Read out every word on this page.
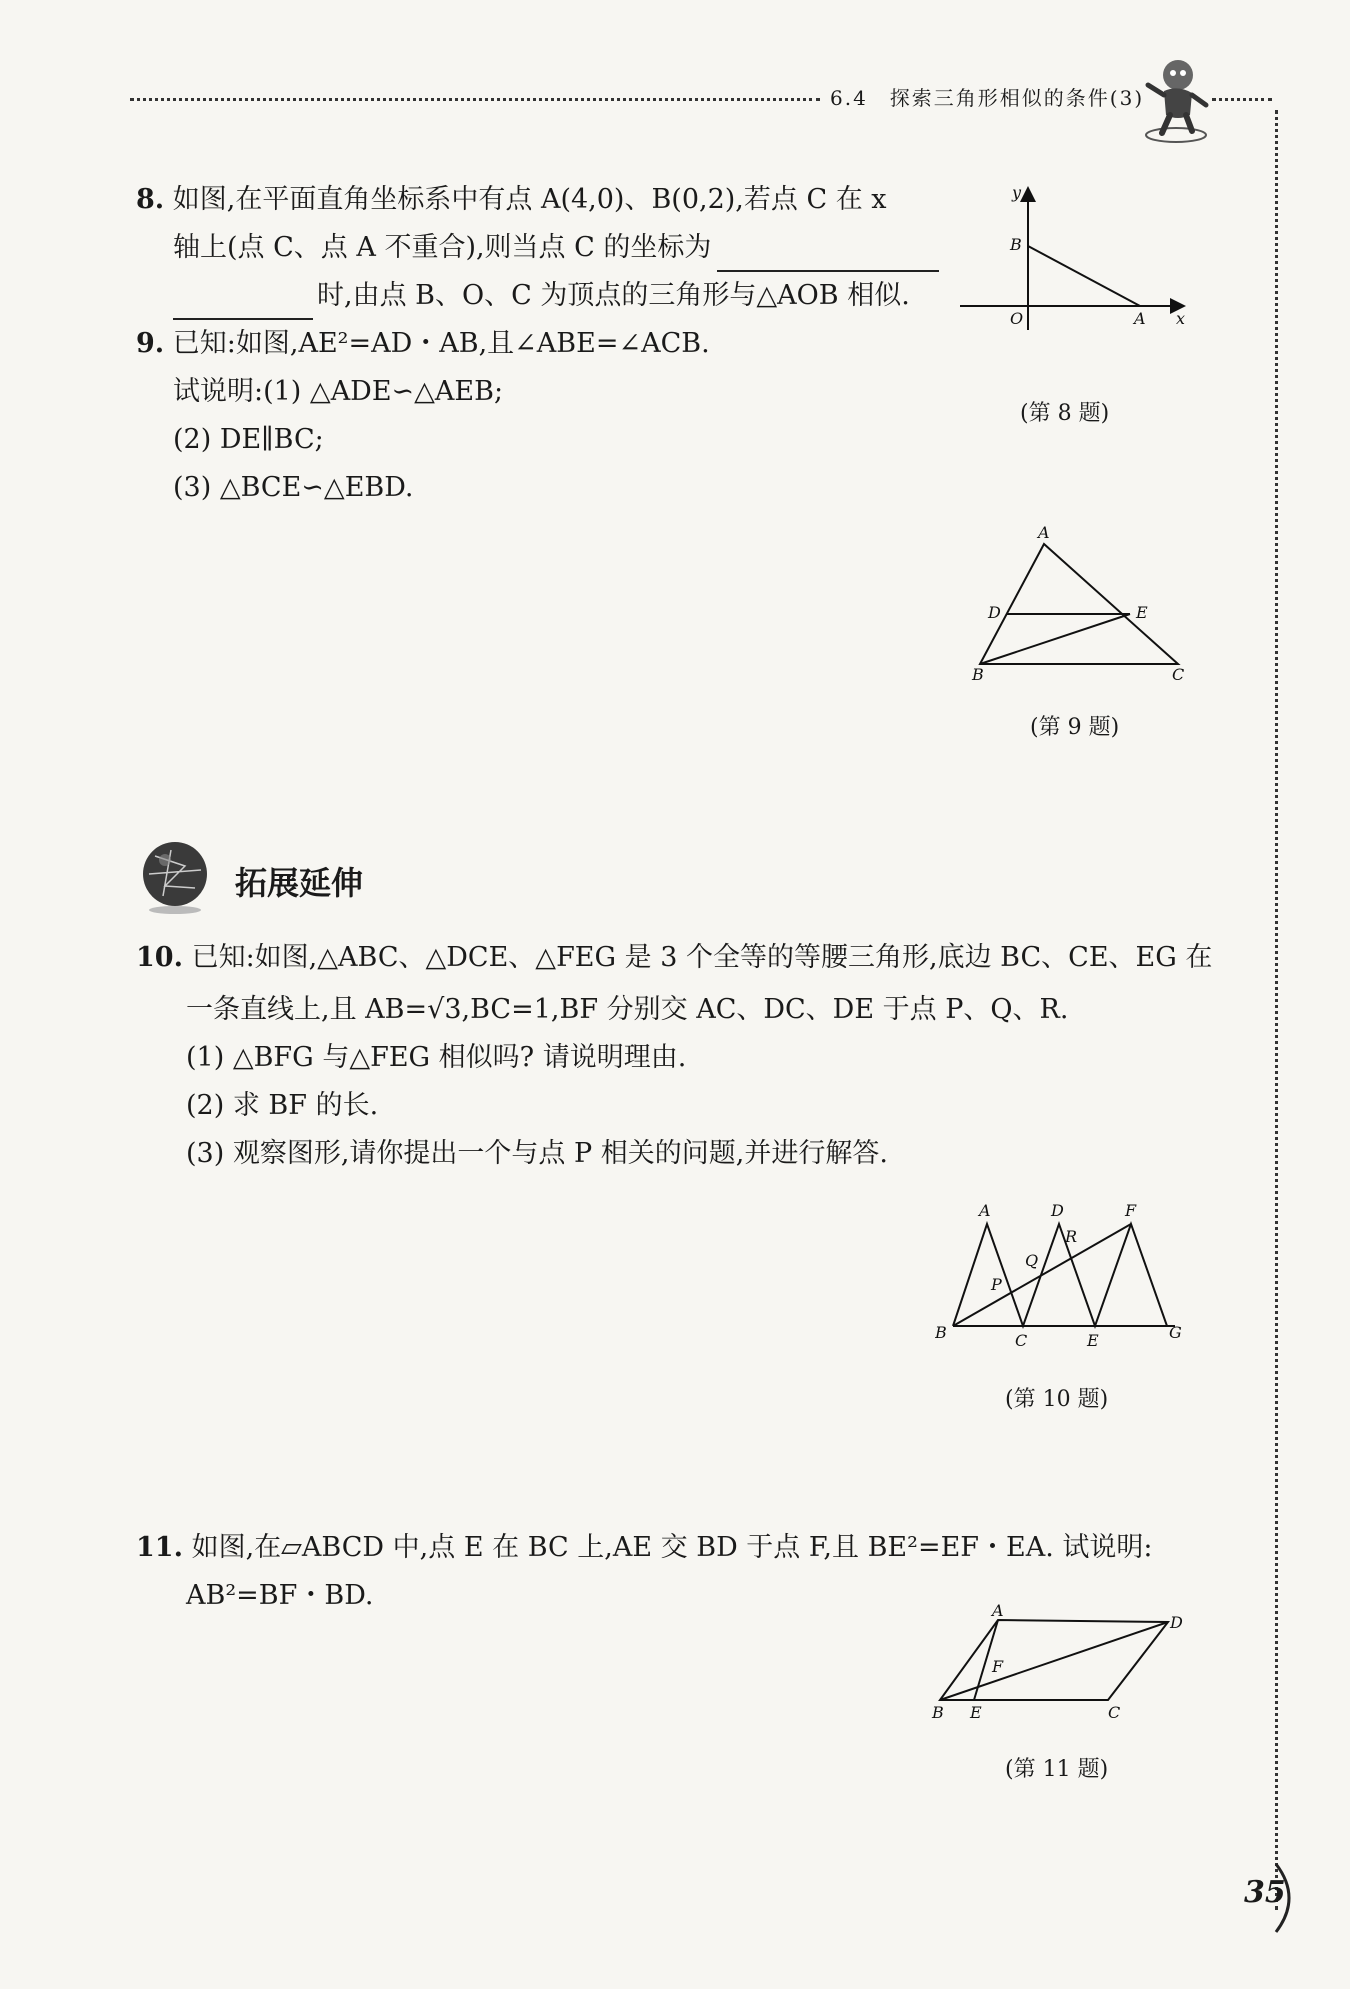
6.4　探索三角形相似的条件(3)
8. 如图,在平面直角坐标系中有点 A(4,0)、B(0,2),若点 C 在 x
轴上(点 C、点 A 不重合),则当点 C 的坐标为
时,由点 B、O、C 为顶点的三角形与△AOB 相似.
y
x
B
O	A
(第 8 题)
9. 已知:如图,AE²=AD・AB,且∠ABE=∠ACB.
试说明:(1) △ADE∽△AEB;
(2) DE∥BC;
(3) △BCE∽△EBD.
A
D	E
B	C
(第 9 题)
拓展延伸
10. 已知:如图,△ABC、△DCE、△FEG 是 3 个全等的等腰三角形,底边 BC、CE、EG 在
一条直线上,且 AB=√3,BC=1,BF 分别交 AC、DC、DE 于点 P、Q、R.
(1) △BFG 与△FEG 相似吗? 请说明理由.
(2) 求 BF 的长.
(3) 观察图形,请你提出一个与点 P 相关的问题,并进行解答.
A	D	F
R
Q
P
B	C	E	G
(第 10 题)
11. 如图,在▱ABCD 中,点 E 在 BC 上,AE 交 BD 于点 F,且 BE²=EF・EA. 试说明:
AB²=BF・BD.	A
D
F
B E	C
(第 11 题)
35
